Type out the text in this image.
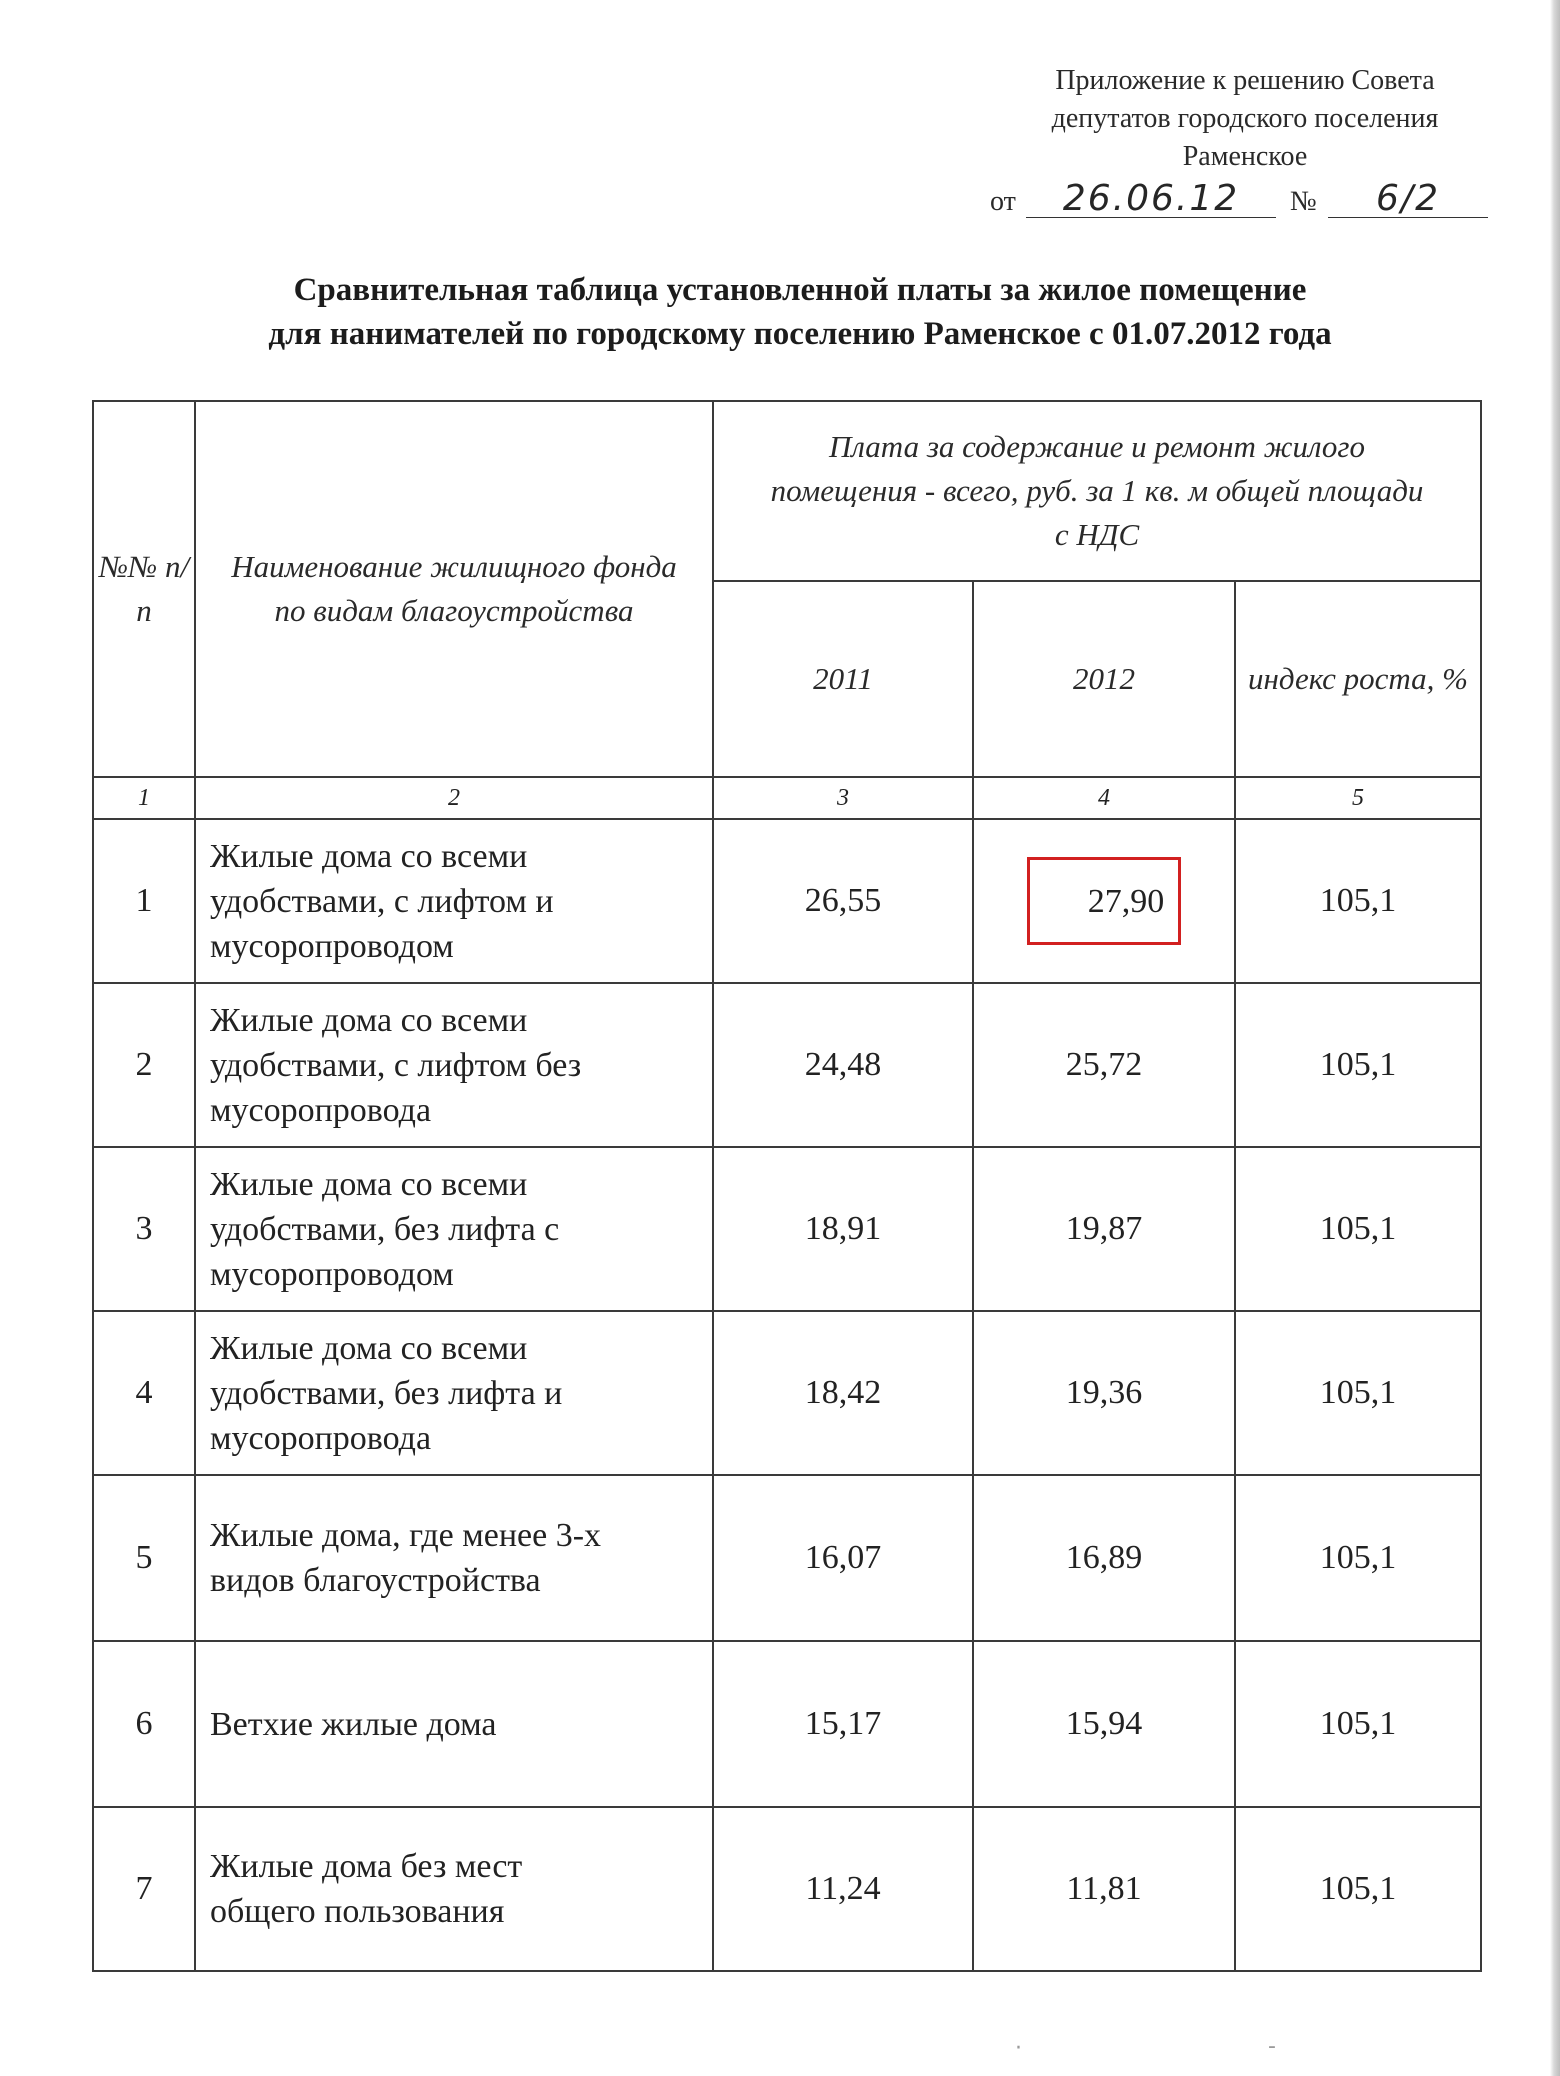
Приложение к решению Совета
депутатов городского поселения
Раменское
от	26.06.12	№	6/2
Сравнительная таблица установленной платы за жилое помещение
для нанимателей по городскому поселению Раменское с 01.07.2012 года
№№ п/п	Наименование жилищного фонда по видам благоустройства	Плата за содержание и ремонт жилого помещения - всего, руб. за 1 кв. м общей площади с НДС		
		2011	2012	индекс роста, %
1	2	3	4	5
1	Жилые дома со всеми
удобствами, с лифтом и
мусоропроводом	26,55	27,90	105,1
2	Жилые дома со всеми
удобствами, с лифтом без
мусоропровода	24,48	25,72	105,1
3	Жилые дома со всеми
удобствами, без лифта с
мусоропроводом	18,91	19,87	105,1
4	Жилые дома со всеми
удобствами, без лифта и
мусоропровода	18,42	19,36	105,1
5	Жилые дома, где менее 3-х
видов благоустройства	16,07	16,89	105,1
6	Ветхие жилые дома	15,17	15,94	105,1
7	Жилые дома без мест
общего пользования	11,24	11,81	105,1
·	-
